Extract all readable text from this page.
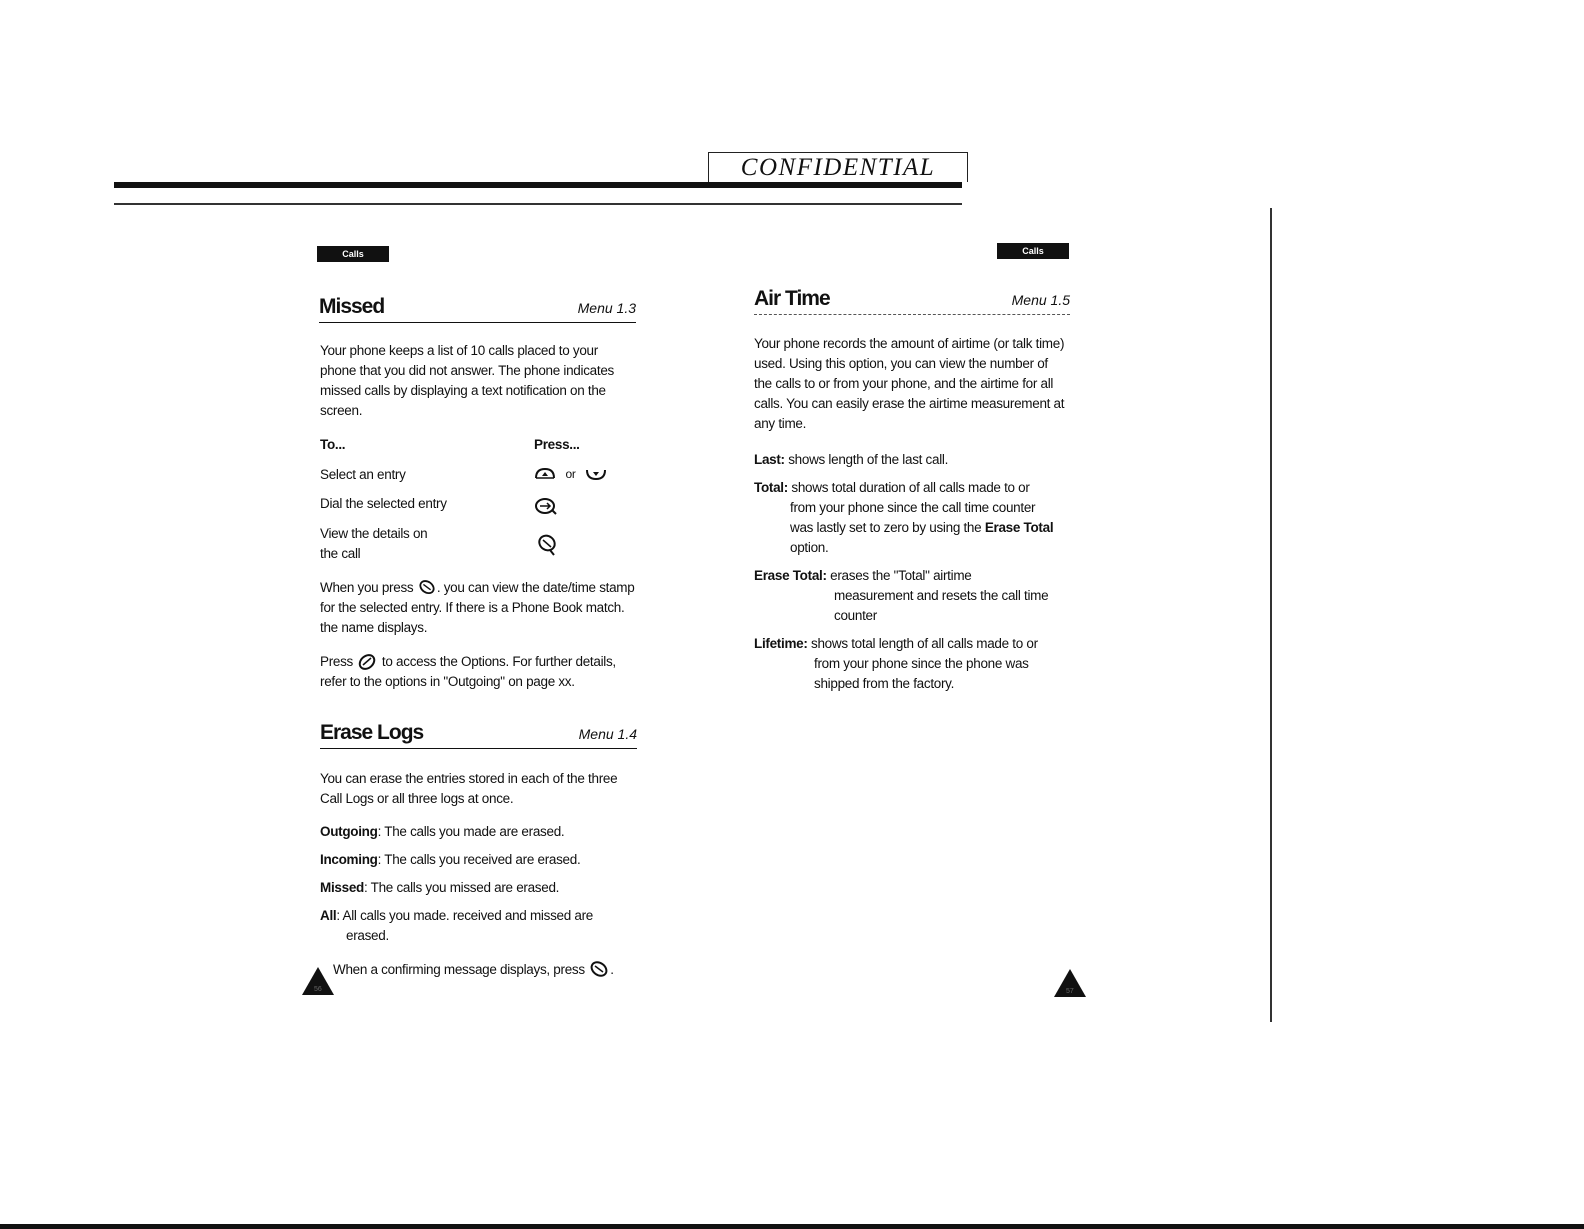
CONFIDENTIAL
Calls
Missed	Menu 1.3

Your phone keeps a list of 10 calls placed to your phone that you did not answer. The phone indicates missed calls by displaying a text notification on the screen.

To...	Press...
Select an entry	or
Dial the selected entry
View the details on
the call

When you press . you can view the date/time stamp for the selected entry. If there is a Phone Book match. the name displays.

Press to access the Options. For further details, refer to the options in "Outgoing" on page xx.

Erase Logs	Menu 1.4

You can erase the entries stored in each of the three Call Logs or all three logs at once.

Outgoing: The calls you made are erased.

Incoming: The calls you received are erased.

Missed: The calls you missed are erased.

All: All calls you made. received and missed are
erased.

56

When a confirming message displays, press .

Calls
Air Time	Menu 1.5

Your phone records the amount of airtime (or talk time) used. Using this option, you can view the number of the calls to or from your phone, and the airtime for all calls. You can easily erase the airtime measurement at any time.

Last: shows length of the last call.

Total: shows total duration of all calls made to or
from your phone since the call time counter
was lastly set to zero by using the Erase Total
option.

Erase Total: erases the "Total" airtime
measurement and resets the call time
counter

Lifetime: shows total length of all calls made to or
from your phone since the phone was
shipped from the factory.

57
